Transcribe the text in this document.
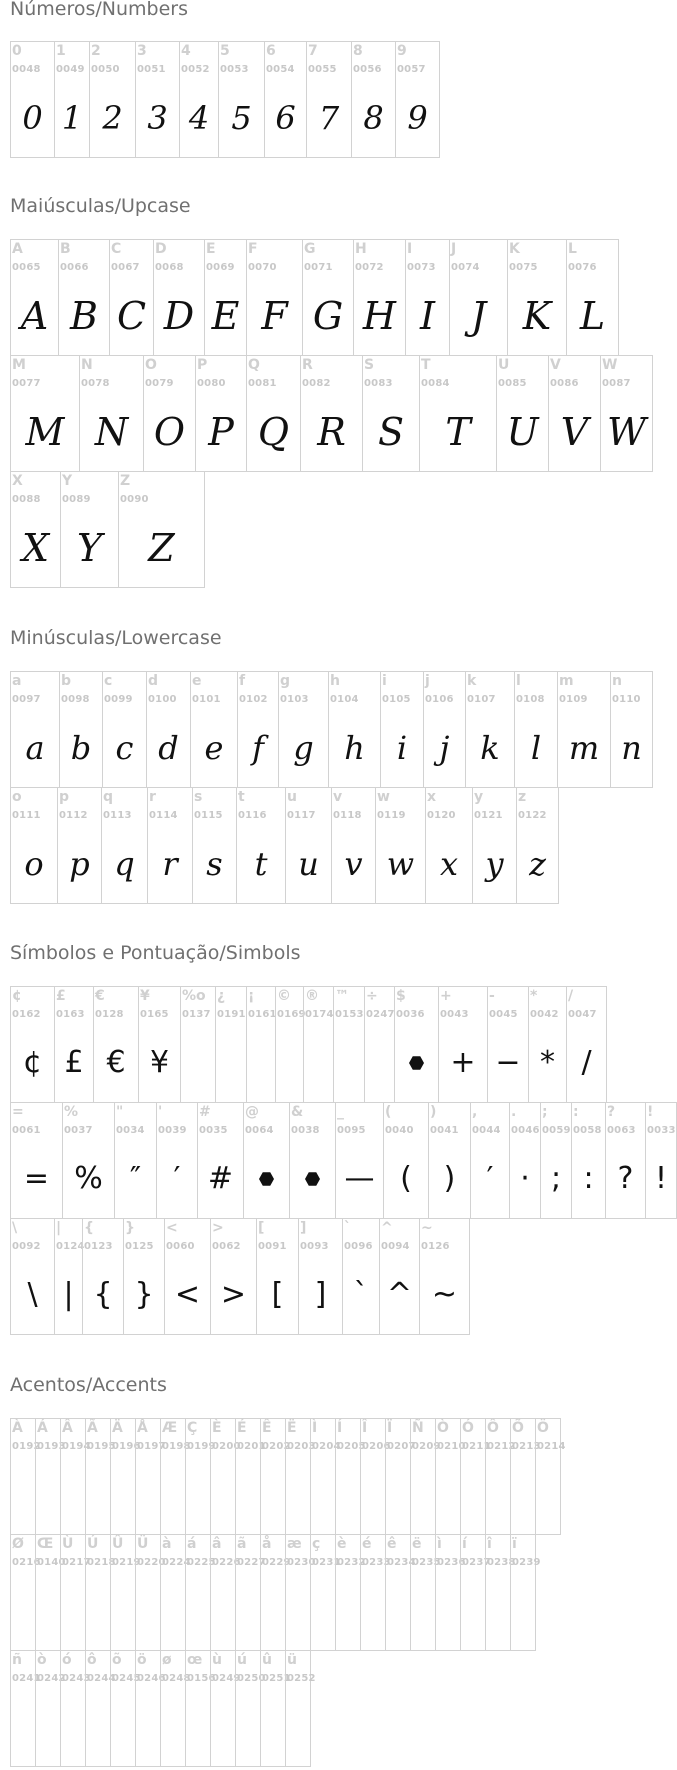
Números/Numbers
0
0048
0
1
0049
1
2
0050
2
3
0051
3
4
0052
4
5
0053
5
6
0054
6
7
0055
7
8
0056
8
9
0057
9
Maiúsculas/Upcase
A
0065
A
B
0066
B
C
0067
C
D
0068
D
E
0069
E
F
0070
F
G
0071
G
H
0072
H
I
0073
I
J
0074
J
K
0075
K
L
0076
L
M
0077
M
N
0078
N
O
0079
O
P
0080
P
Q
0081
Q
R
0082
R
S
0083
S
T
0084
T
U
0085
U
V
0086
V
W
0087
W
X
0088
X
Y
0089
Y
Z
0090
Z
Minúsculas/Lowercase
a
0097
a
b
0098
b
c
0099
c
d
0100
d
e
0101
e
f
0102
f
g
0103
g
h
0104
h
i
0105
i
j
0106
j
k
0107
k
l
0108
l
m
0109
m
n
0110
n
o
0111
o
p
0112
p
q
0113
q
r
0114
r
s
0115
s
t
0116
t
u
0117
u
v
0118
v
w
0119
w
x
0120
x
y
0121
y
z
0122
z
Símbolos e Pontuação/Simbols
¢
0162
¢
£
0163
£
€
0128
€
¥
0165
¥
%o
0137
¿
0191
¡
0161
©
0169
®
0174
™
0153
÷
0247
$
0036
+
0043
+
-
0045
−
*
0042
*
/
0047
/
=
0061
=
%
0037
%
"
0034
″
'
0039
′
#
0035
#
@
0064
&
0038
_
0095
—
(
0040
(
)
0041
)
,
0044
′
.
0046
·
;
0059
;
:
0058
:
?
0063
?
!
0033
!
\
0092
\
|
0124
|
{
0123
{
}
0125
}
<
0060
<
>
0062
>
[
0091
[
]
0093
]
`
0096
ˋ
^
0094
^
~
0126
~
Acentos/Accents
À
0192
Á
0193
Â
0194
Ã
0195
Ä
0196
Å
0197
Æ
0198
Ç
0199
È
0200
É
0201
Ê
0202
Ë
0203
Ì
0204
Í
0205
Î
0206
Ï
0207
Ñ
0209
Ò
0210
Ó
0211
Ô
0212
Õ
0213
Ö
0214
Ø
0216
Œ
0140
Ù
0217
Ú
0218
Û
0219
Ü
0220
à
0224
á
0225
â
0226
ã
0227
å
0229
æ
0230
ç
0231
è
0232
é
0233
ê
0234
ë
0235
ì
0236
í
0237
î
0238
ï
0239
ñ
0241
ò
0242
ó
0243
ô
0244
õ
0245
ö
0246
ø
0248
œ
0156
ù
0249
ú
0250
û
0251
ü
0252
